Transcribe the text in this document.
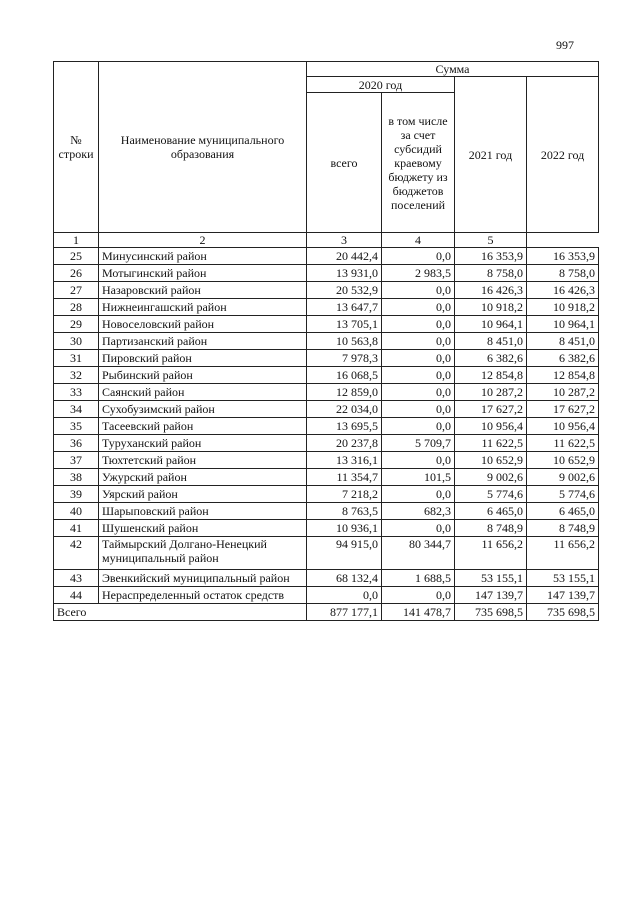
997
№ строки	Наименование муниципального образования	Сумма			
		2020 год		2021 год	2022 год
		всего	в том числе за счет субсидий краевому бюджету из бюджетов поселений		
1	2	3	4	5	
25	Минусинский район	20 442,4	0,0	16 353,9	16 353,9
26	Мотыгинский район	13 931,0	2 983,5	8 758,0	8 758,0
27	Назаровский район	20 532,9	0,0	16 426,3	16 426,3
28	Нижнеингашский район	13 647,7	0,0	10 918,2	10 918,2
29	Новоселовский район	13 705,1	0,0	10 964,1	10 964,1
30	Партизанский район	10 563,8	0,0	8 451,0	8 451,0
31	Пировский район	7 978,3	0,0	6 382,6	6 382,6
32	Рыбинский район	16 068,5	0,0	12 854,8	12 854,8
33	Саянский район	12 859,0	0,0	10 287,2	10 287,2
34	Сухобузимский район	22 034,0	0,0	17 627,2	17 627,2
35	Тасеевский район	13 695,5	0,0	10 956,4	10 956,4
36	Туруханский район	20 237,8	5 709,7	11 622,5	11 622,5
37	Тюхтетский район	13 316,1	0,0	10 652,9	10 652,9
38	Ужурский район	11 354,7	101,5	9 002,6	9 002,6
39	Уярский район	7 218,2	0,0	5 774,6	5 774,6
40	Шарыповский район	8 763,5	682,3	6 465,0	6 465,0
41	Шушенский район	10 936,1	0,0	8 748,9	8 748,9
42	Таймырский Долгано-Ненецкий муниципальный район	94 915,0	80 344,7	11 656,2	11 656,2
43	Эвенкийский муниципальный район	68 132,4	1 688,5	53 155,1	53 155,1
44	Нераспределенный остаток средств	0,0	0,0	147 139,7	147 139,7
Всего		877 177,1	141 478,7	735 698,5	735 698,5
